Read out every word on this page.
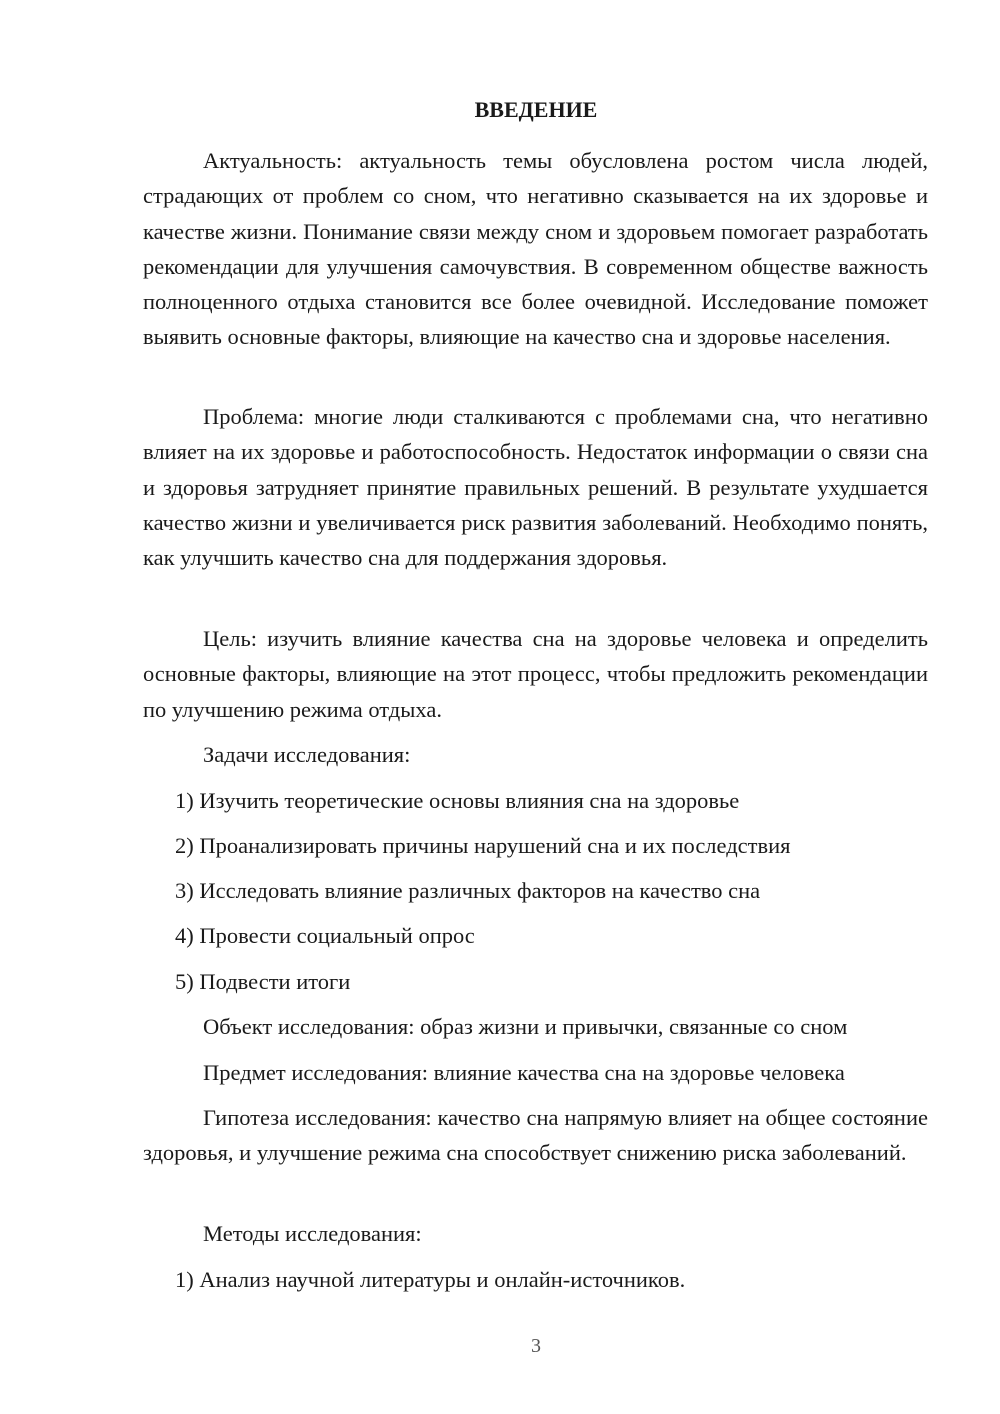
ВВЕДЕНИЕ

Актуальность: актуальность темы обусловлена ростом числа людей, страдающих от проблем со сном, что негативно сказывается на их здоровье и качестве жизни. Понимание связи между сном и здоровьем помогает разработать рекомендации для улучшения самочувствия. В современном обществе важность полноценного отдыха становится все более очевидной. Исследование поможет выявить основные факторы, влияющие на качество сна и здоровье населения.

Проблема: многие люди сталкиваются с проблемами сна, что негативно влияет на их здоровье и работоспособность. Недостаток информации о связи сна и здоровья затрудняет принятие правильных решений. В результате ухудшается качество жизни и увеличивается риск развития заболеваний. Необходимо понять, как улучшить качество сна для поддержания здоровья.

Цель: изучить влияние качества сна на здоровье человека и определить основные факторы, влияющие на этот процесс, чтобы предложить рекомендации по улучшению режима отдыха.

Задачи исследования:

1) Изучить теоретические основы влияния сна на здоровье

2) Проанализировать причины нарушений сна и их последствия

3) Исследовать влияние различных факторов на качество сна

4) Провести социальный опрос

5) Подвести итоги

Объект исследования: образ жизни и привычки, связанные со сном

Предмет исследования: влияние качества сна на здоровье человека

Гипотеза исследования: качество сна напрямую влияет на общее состояние здоровья, и улучшение режима сна способствует снижению риска заболеваний.

Методы исследования:

1) Анализ научной литературы и онлайн-источников.

3
